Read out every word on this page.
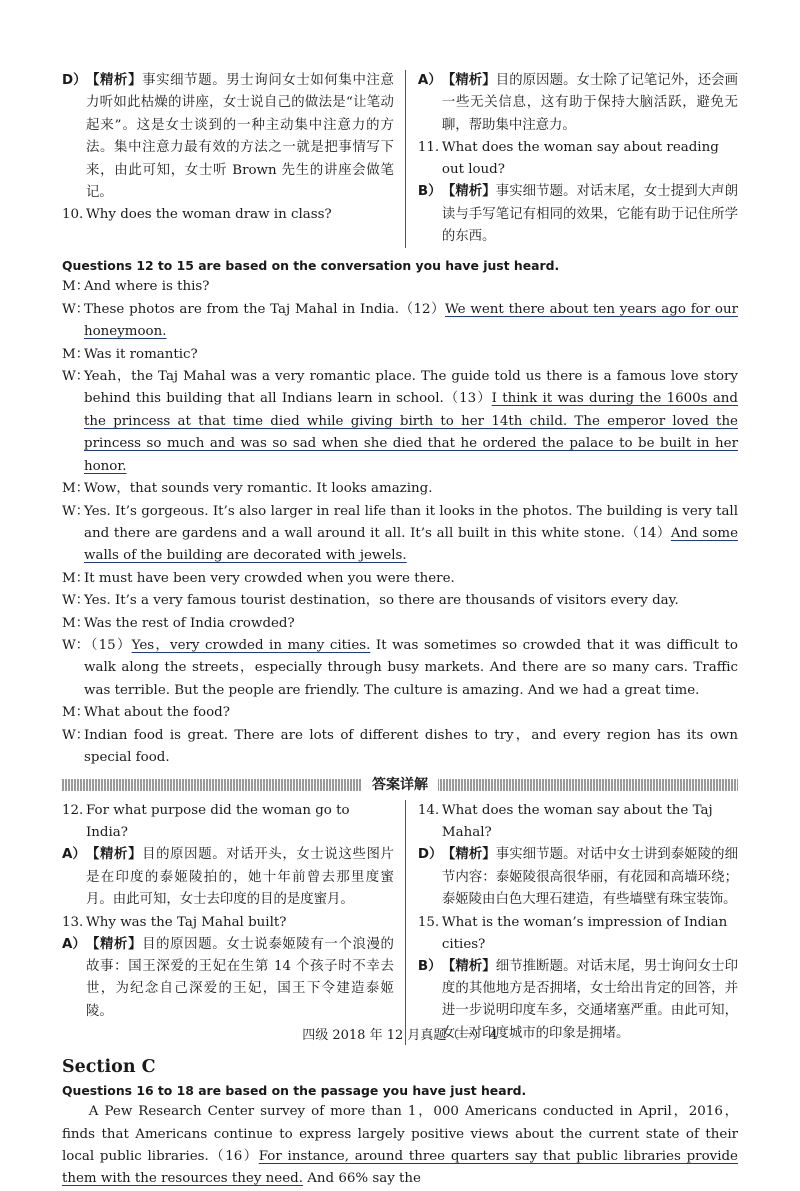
D） 【精析】事实细节题。男士询问女士如何集中注意力听如此枯燥的讲座，女士说自己的做法是“让笔动起来”。这是女士谈到的一种主动集中注意力的方法。集中注意力最有效的方法之一就是把事情写下来，由此可知，女士听 Brown 先生的讲座会做笔记。
10. Why does the woman draw in class?
A） 【精析】目的原因题。女士除了记笔记外，还会画一些无关信息，这有助于保持大脑活跃，避免无聊，帮助集中注意力。
11. What does the woman say about reading out loud?
B） 【精析】事实细节题。对话末尾，女士提到大声朗读与手写笔记有相同的效果，它能有助于记住所学的东西。
Questions 12 to 15 are based on the conversation you have just heard.
M：
And where is this?
W：
These photos are from the Taj Mahal in India.（12）We went there about ten years ago for our honeymoon.
M：
Was it romantic?
W：
Yeah，the Taj Mahal was a very romantic place. The guide told us there is a famous love story behind this building that all Indians learn in school.（13）I think it was during the 1600s and the princess at that time died while giving birth to her 14th child. The emperor loved the princess so much and was so sad when she died that he ordered the palace to be built in her honor.
M：
Wow，that sounds very romantic. It looks amazing.
W：
Yes. It’s gorgeous. It’s also larger in real life than it looks in the photos. The building is very tall and there are gardens and a wall around it all. It’s all built in this white stone.（14）And some walls of the building are decorated with jewels.
M：
It must have been very crowded when you were there.
W：
Yes. It’s a very famous tourist destination，so there are thousands of visitors every day.
M：
Was the rest of India crowded?
W：
（15）Yes，very crowded in many cities. It was sometimes so crowded that it was difficult to walk along the streets，especially through busy markets. And there are so many cars. Traffic was terrible. But the people are friendly. The culture is amazing. And we had a great time.
M：
What about the food?
W：
Indian food is great. There are lots of different dishes to try，and every region has its own special food.
答案详解
12. For what purpose did the woman go to India?
A） 【精析】目的原因题。对话开头，女士说这些图片是在印度的泰姬陵拍的，她十年前曾去那里度蜜月。由此可知，女士去印度的目的是度蜜月。
13. Why was the Taj Mahal built?
A） 【精析】目的原因题。女士说泰姬陵有一个浪漫的故事：国王深爱的王妃在生第 14 个孩子时不幸去世，为纪念自己深爱的王妃，国王下令建造泰姬陵。
14. What does the woman say about the Taj Mahal?
D） 【精析】事实细节题。对话中女士讲到泰姬陵的细节内容：泰姬陵很高很华丽，有花园和高墙环绕；泰姬陵由白色大理石建造，有些墙壁有珠宝装饰。
15. What is the woman’s impression of Indian cities?
B） 【精析】细节推断题。对话末尾，男士询问女士印度的其他地方是否拥堵，女士给出肯定的回答，并进一步说明印度车多，交通堵塞严重。由此可知，女士对印度城市的印象是拥堵。
Section C
Questions 16 to 18 are based on the passage you have just heard.
A Pew Research Center survey of more than 1，000 Americans conducted in April，2016，finds that Americans continue to express largely positive views about the current state of their local public libraries.（16）For instance, around three quarters say that public libraries provide them with the resources they need. And 66% say the
四级 2018 年 12 月真题（一） 4
